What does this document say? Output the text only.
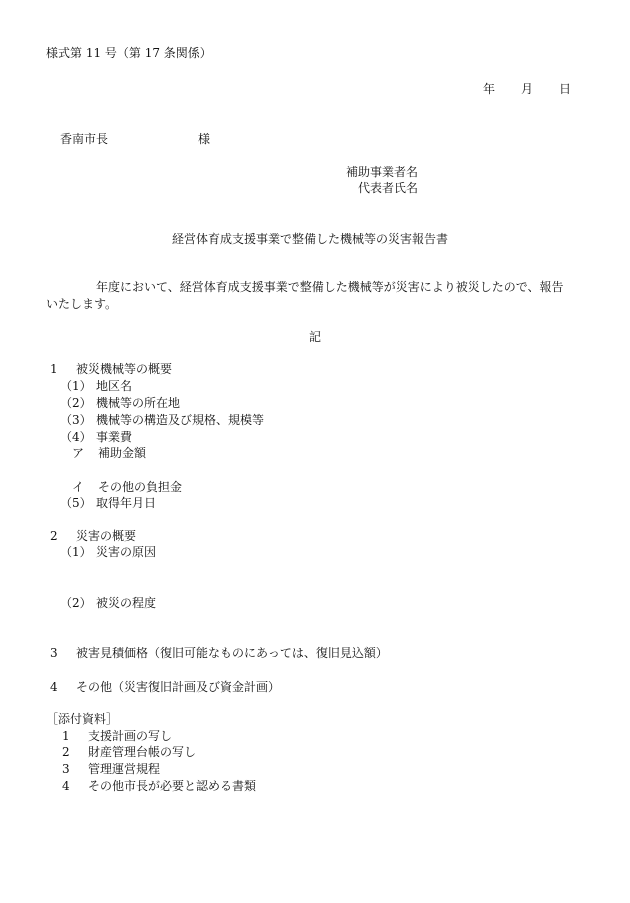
様式第 11 号（第 17 条関係）
年 月 日
香南市長	様
補助事業者名
代表者氏名
経営体育成支援事業で整備した機械等の災害報告書
年度において、経営体育成支援事業で整備した機械等が災害により被災したので、報告
いたします。
記
1 被災機械等の概要
（1） 地区名
（2） 機械等の所在地
（3） 機械等の構造及び規格、規模等
（4） 事業費
ア 補助金額
イ その他の負担金
（5） 取得年月日
2 災害の概要
（1） 災害の原因
（2） 被災の程度
3 被害見積価格（復旧可能なものにあっては、復旧見込額）
4 その他（災害復旧計画及び資金計画）
［添付資料］
1 支援計画の写し
2 財産管理台帳の写し
3 管理運営規程
4 その他市長が必要と認める書類
